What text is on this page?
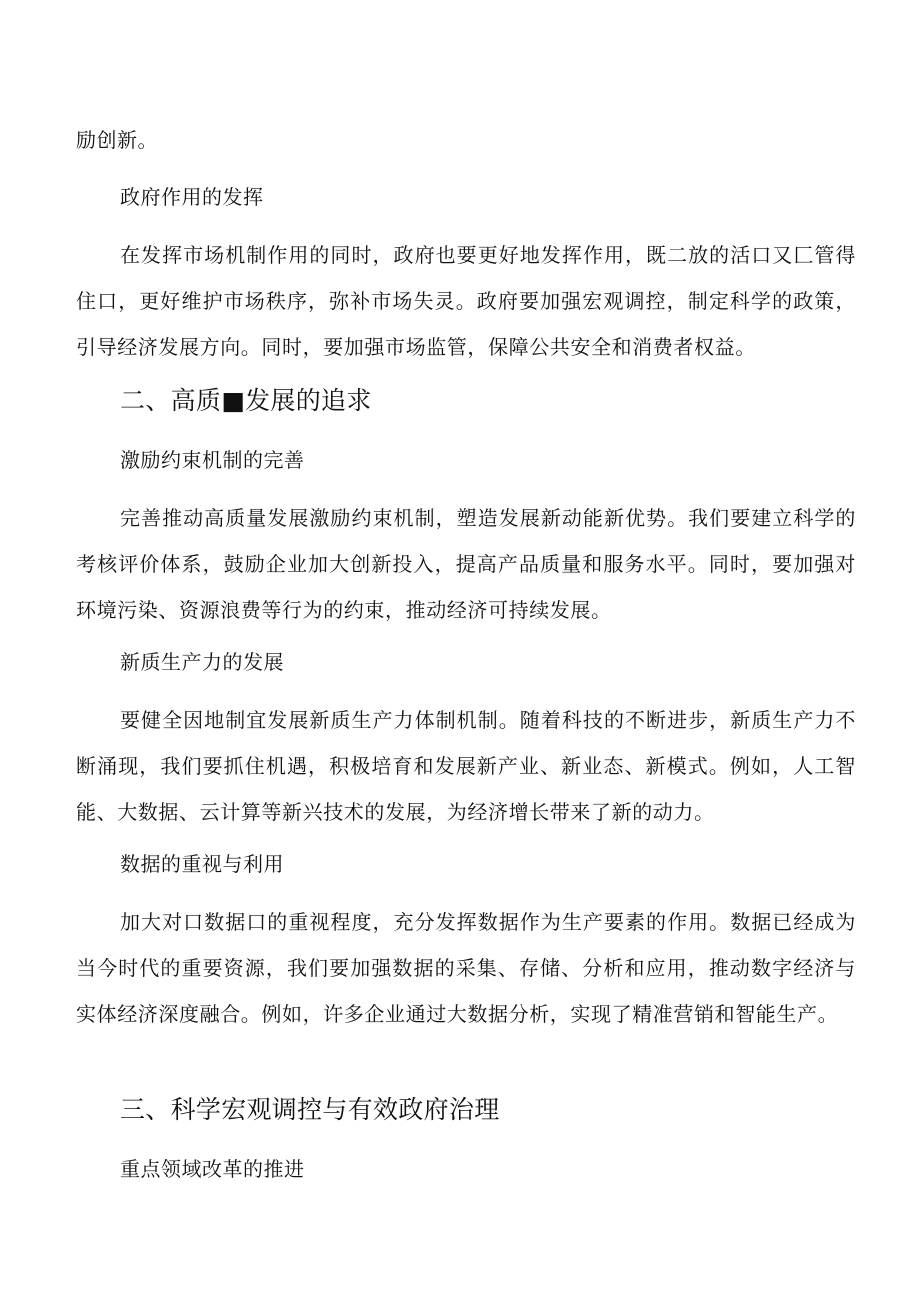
励创新。
政府作用的发挥
在发挥市场机制作用的同时，政府也要更好地发挥作用，既二放的活口又匚管得住口，更好维护市场秩序，弥补市场失灵。政府要加强宏观调控，制定科学的政策，引导经济发展方向。同时，要加强市场监管，保障公共安全和消费者权益。
二、高质■发展的追求
激励约束机制的完善
完善推动高质量发展激励约束机制，塑造发展新动能新优势。我们要建立科学的考核评价体系，鼓励企业加大创新投入，提高产品质量和服务水平。同时，要加强对环境污染、资源浪费等行为的约束，推动经济可持续发展。
新质生产力的发展
要健全因地制宜发展新质生产力体制机制。随着科技的不断进步，新质生产力不断涌现，我们要抓住机遇，积极培育和发展新产业、新业态、新模式。例如，人工智能、大数据、云计算等新兴技术的发展，为经济增长带来了新的动力。
数据的重视与利用
加大对口数据口的重视程度，充分发挥数据作为生产要素的作用。数据已经成为当今时代的重要资源，我们要加强数据的采集、存储、分析和应用，推动数字经济与实体经济深度融合。例如，许多企业通过大数据分析，实现了精准营销和智能生产。
三、科学宏观调控与有效政府治理
重点领域改革的推进
